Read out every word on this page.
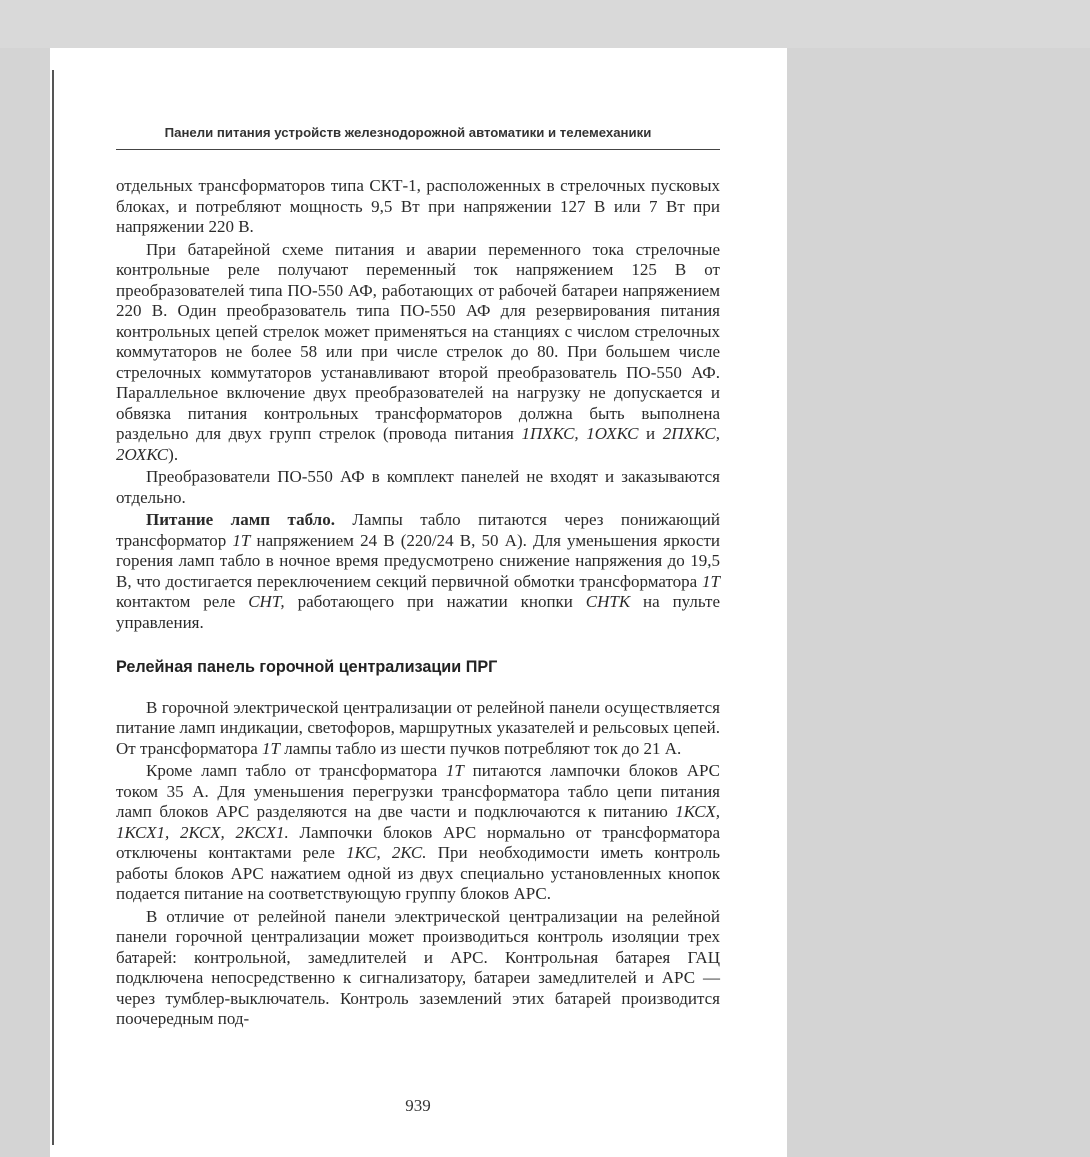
Панели питания устройств железнодорожной автоматики и телемеханики

отдельных трансформаторов типа СКТ-1, расположенных в стрелочных пусковых блоках, и потребляют мощность 9,5 Вт при напряжении 127 В или 7 Вт при напряжении 220 В.

При батарейной схеме питания и аварии переменного тока стрелочные контрольные реле получают переменный ток напряжением 125 В от преобразователей типа ПО-550 АФ, работающих от рабочей батареи напряжением 220 В. Один преобразователь типа ПО-550 АФ для резервирования питания контрольных цепей стрелок может применяться на станциях с числом стрелочных коммутаторов не более 58 или при числе стрелок до 80. При большем числе стрелочных коммутаторов устанавливают второй преобразователь ПО-550 АФ. Параллельное включение двух преобразователей на нагрузку не допускается и обвязка питания контрольных трансформаторов должна быть выполнена раздельно для двух групп стрелок (провода питания 1ПХКС, 1ОХКС и 2ПХКС, 2ОХКС).

Преобразователи ПО-550 АФ в комплект панелей не входят и заказываются отдельно.

Питание ламп табло. Лампы табло питаются через понижающий трансформатор 1Т напряжением 24 В (220/24 В, 50 А). Для уменьшения яркости горения ламп табло в ночное время предусмотрено снижение напряжения до 19,5 В, что достигается переключением секций первичной обмотки трансформатора 1Т контактом реле СНТ, работающего при нажатии кнопки СНТК на пульте управления.

Релейная панель горочной централизации ПРГ

В горочной электрической централизации от релейной панели осуществляется питание ламп индикации, светофоров, маршрутных указателей и рельсовых цепей. От трансформатора 1Т лампы табло из шести пучков потребляют ток до 21 А.

Кроме ламп табло от трансформатора 1Т питаются лампочки блоков АРС током 35 А. Для уменьшения перегрузки трансформатора табло цепи питания ламп блоков АРС разделяются на две части и подключаются к питанию 1КСХ, 1КСХ1, 2КСХ, 2КСХ1. Лампочки блоков АРС нормально от трансформатора отключены контактами реле 1КС, 2КС. При необходимости иметь контроль работы блоков АРС нажатием одной из двух специально установленных кнопок подается питание на соответствующую группу блоков АРС.

В отличие от релейной панели электрической централизации на релейной панели горочной централизации может производиться контроль изоляции трех батарей: контрольной, замедлителей и АРС. Контрольная батарея ГАЦ подключена непосредственно к сигнализатору, батареи замедлителей и АРС — через тумблер-выключатель. Контроль заземлений этих батарей производится поочередным под-

939
